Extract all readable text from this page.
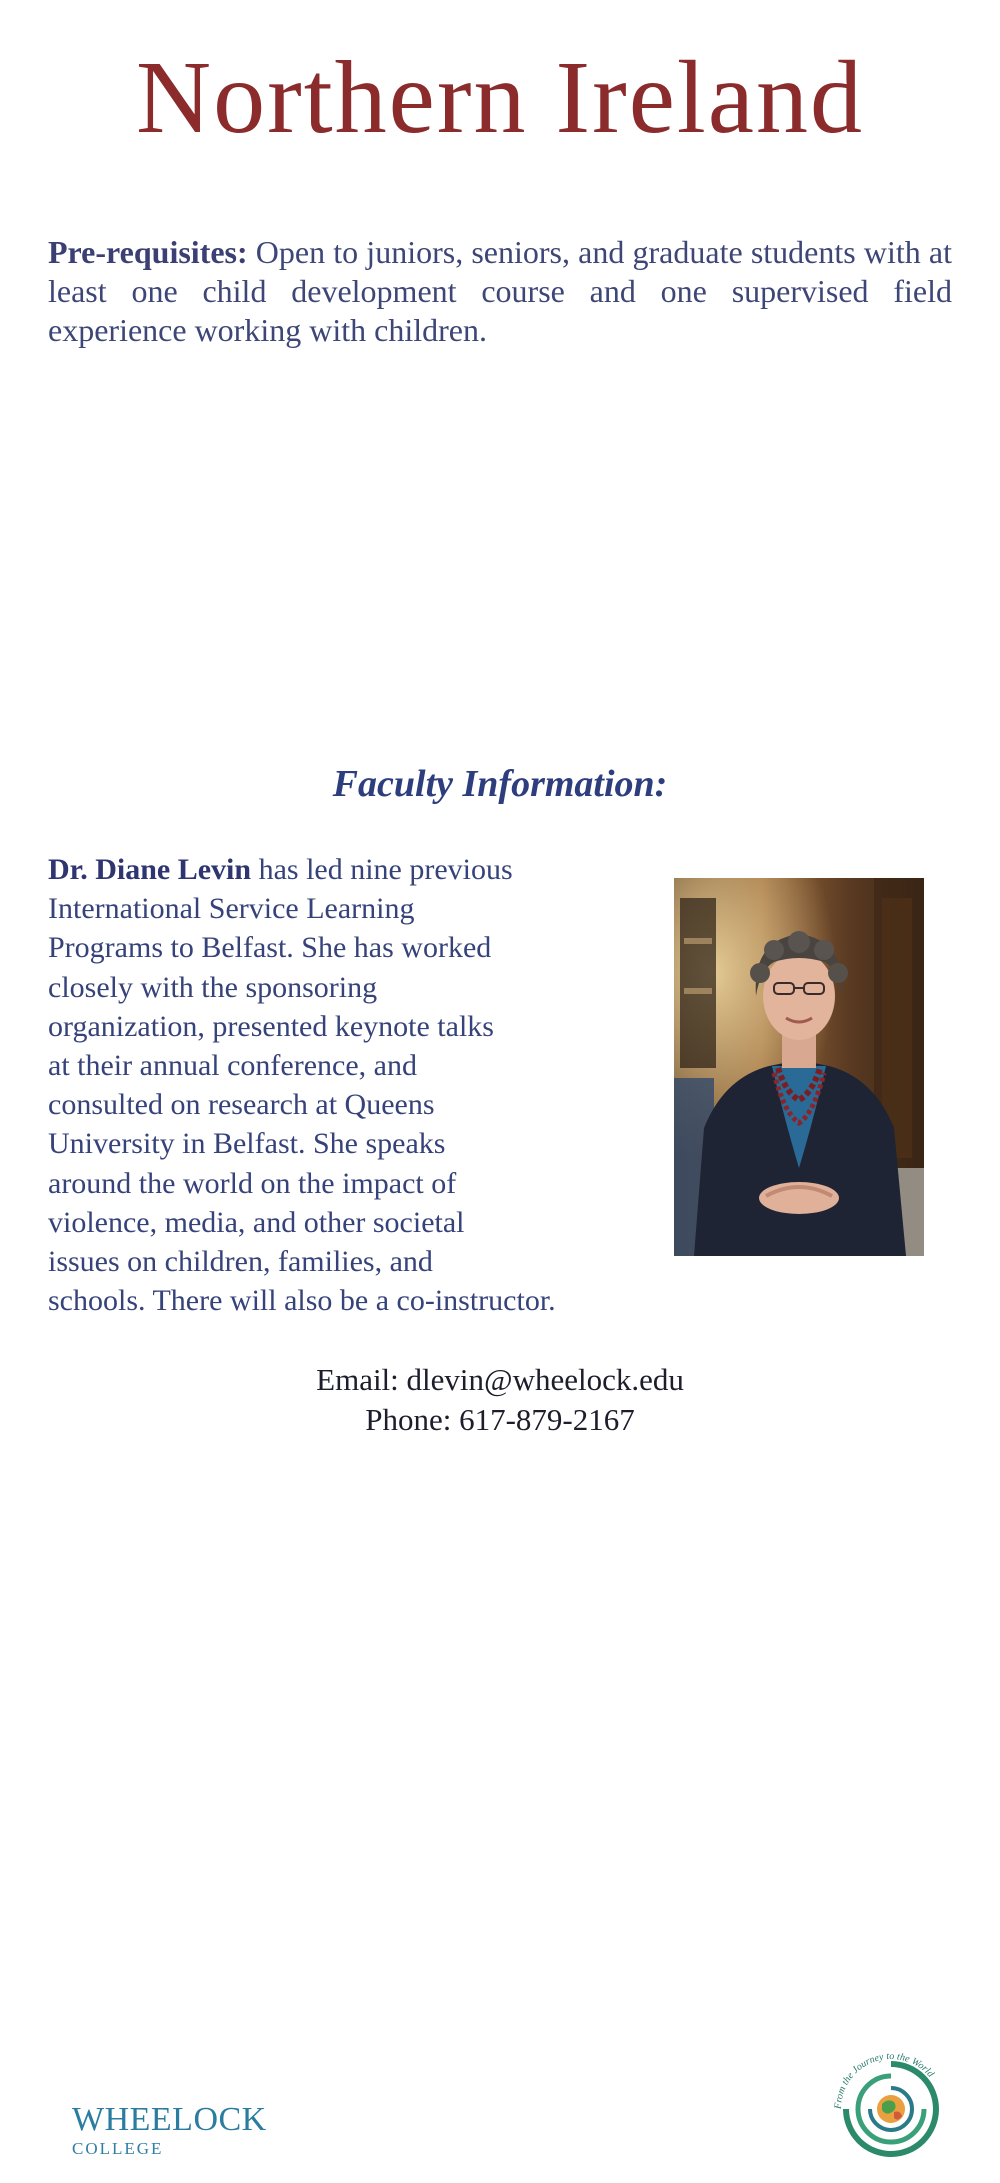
Northern Ireland
Pre-requisites: Open to juniors, seniors, and graduate students with at least one child development course and one supervised field experience working with children.
Faculty Information:
Dr. Diane Levin has led nine previous
International Service Learning
Programs to Belfast. She has worked
closely with the sponsoring
organization, presented keynote talks
at their annual conference, and
consulted on research at Queens
University in Belfast. She speaks
around the world on the impact of
violence, media, and other societal
issues on children, families, and
schools. There will also be a co-instructor.
Email: dlevin@wheelock.edu
Phone: 617-879-2167
WHEELOCK
COLLEGE
From the Journey to the World
